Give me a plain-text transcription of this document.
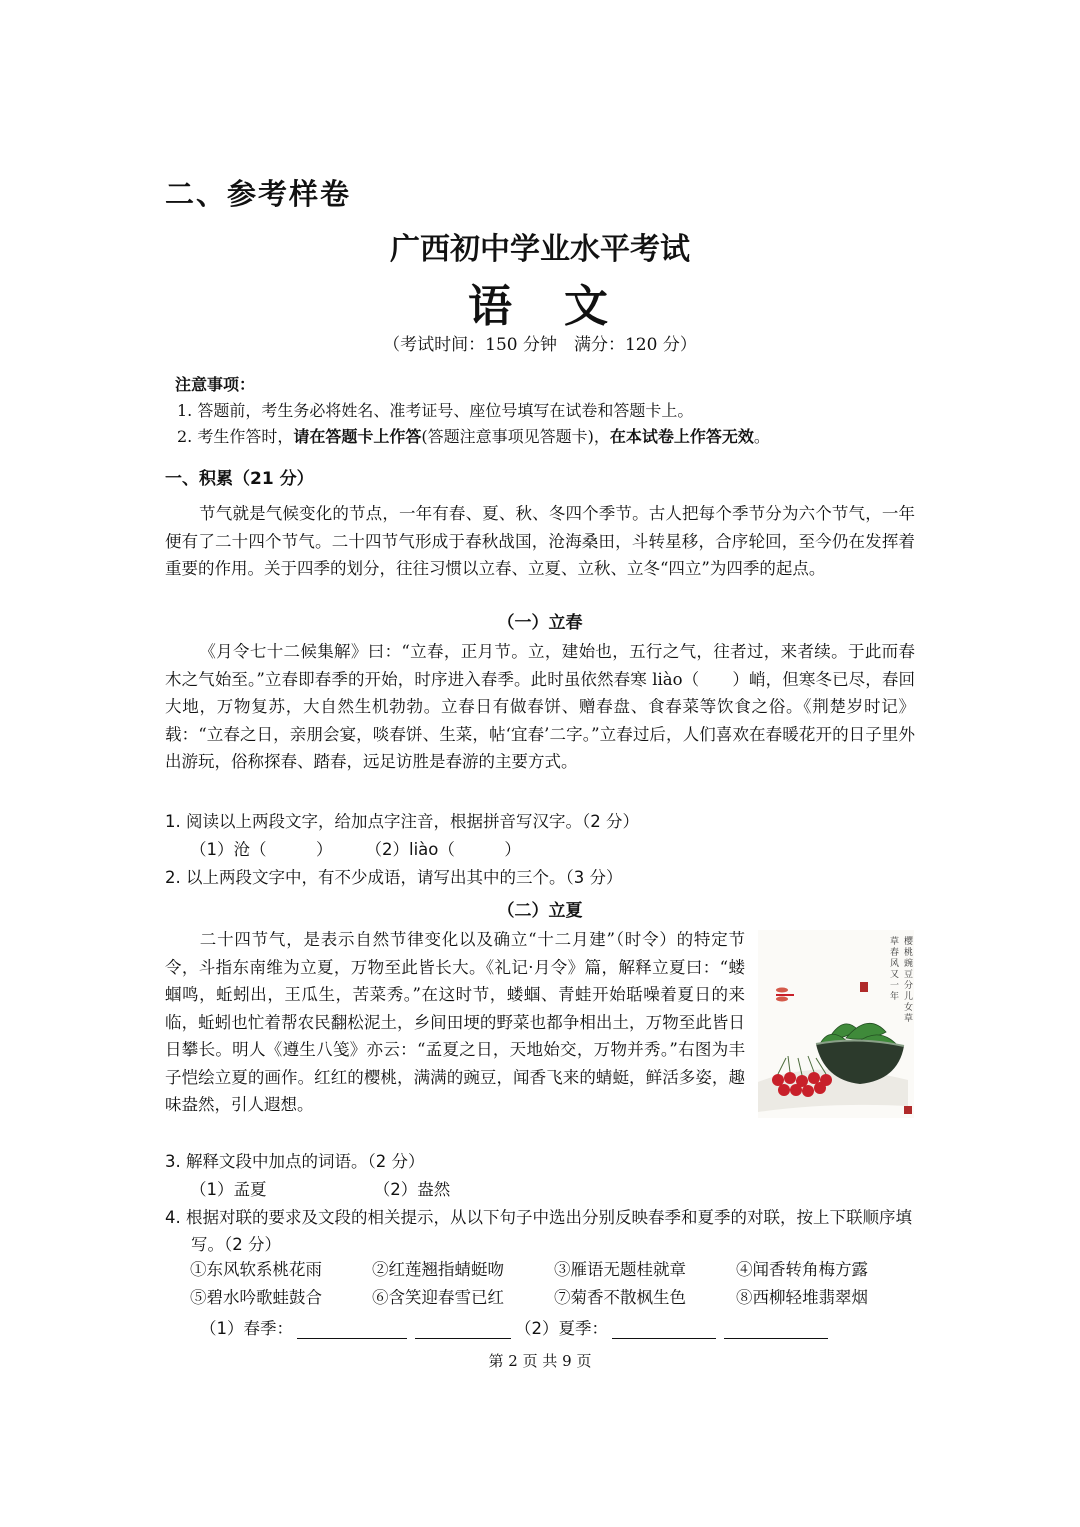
二、参考样卷
广西初中学业水平考试
语　文
（考试时间：150 分钟　满分：120 分）
注意事项：
1. 答题前，考生务必将姓名、准考证号、座位号填写在试卷和答题卡上。
2. 考生作答时，请在答题卡上作答(答题注意事项见答题卡)，在本试卷上作答无效。
一、积累（21 分）
节气就是气候变化的节点，一年有春、夏、秋、冬四个季节。古人把每个季节分为六个节气，一年便有了二十四个节气。二十四节气形成于春秋战国，沧海桑田，斗转星移，合序轮回，至今仍在发挥着重要的作用。关于四季的划分，往往习惯以立春、立夏、立秋、立冬“四立”为四季的起点。
（一）立春
《月令七十二候集解》曰：“立春，正月节。立，建始也，五行之气，往者过，来者续。于此而春木之气始至。”立春即春季的开始，时序进入春季。此时虽依然春寒 liào（　　）峭，但寒冬已尽，春回大地，万物复苏，大自然生机勃勃。立春日有做春饼、赠春盘、食春菜等饮食之俗。《荆楚岁时记》载：“立春之日，亲朋会宴，啖春饼、生菜，帖‘宜春’二字。”立春过后，人们喜欢在春暖花开的日子里外出游玩，俗称探春、踏春，远足访胜是春游的主要方式。
1. 阅读以上两段文字，给加点字注音，根据拼音写汉字。（2 分）
（1）沧（　　　）　　　（2）liào（　　　）
2. 以上两段文字中，有不少成语，请写出其中的三个。（3 分）
（二）立夏
二十四节气，是表示自然节律变化以及确立“十二月建”（时令）的特定节令，斗指东南维为立夏，万物至此皆长大。《礼记·月令》篇，解释立夏曰：“蝼蝈鸣，蚯蚓出，王瓜生，苦菜秀。”在这时节，蝼蝈、青蛙开始聒噪着夏日的来临，蚯蚓也忙着帮农民翻松泥土，乡间田埂的野菜也都争相出土，万物至此皆日日攀长。明人《遵生八笺》亦云：“孟夏之日，天地始交，万物并秀。”右图为丰子恺绘立夏的画作。红红的樱桃，满满的豌豆，闻香飞来的蜻蜓，鲜活多姿，趣味盎然，引人遐想。
樱桃豌豆分儿女草草春风又一年
3. 解释文段中加点的词语。（2 分）
（1）孟夏　　　　　　　（2）盎然
4. 根据对联的要求及文段的相关提示，从以下句子中选出分别反映春季和夏季的对联，按上下联顺序填写。（2 分）
①东风软系桃花雨	②红莲翘指蜻蜓吻	③雁语无题桂就章	④闻香转角梅方露
⑤碧水吟歌蛙鼓合	⑥含笑迎春雪已红	⑦菊香不散枫生色	⑧西柳轻堆翡翠烟
（1）春季：	（2）夏季：
第 2 页 共 9 页
